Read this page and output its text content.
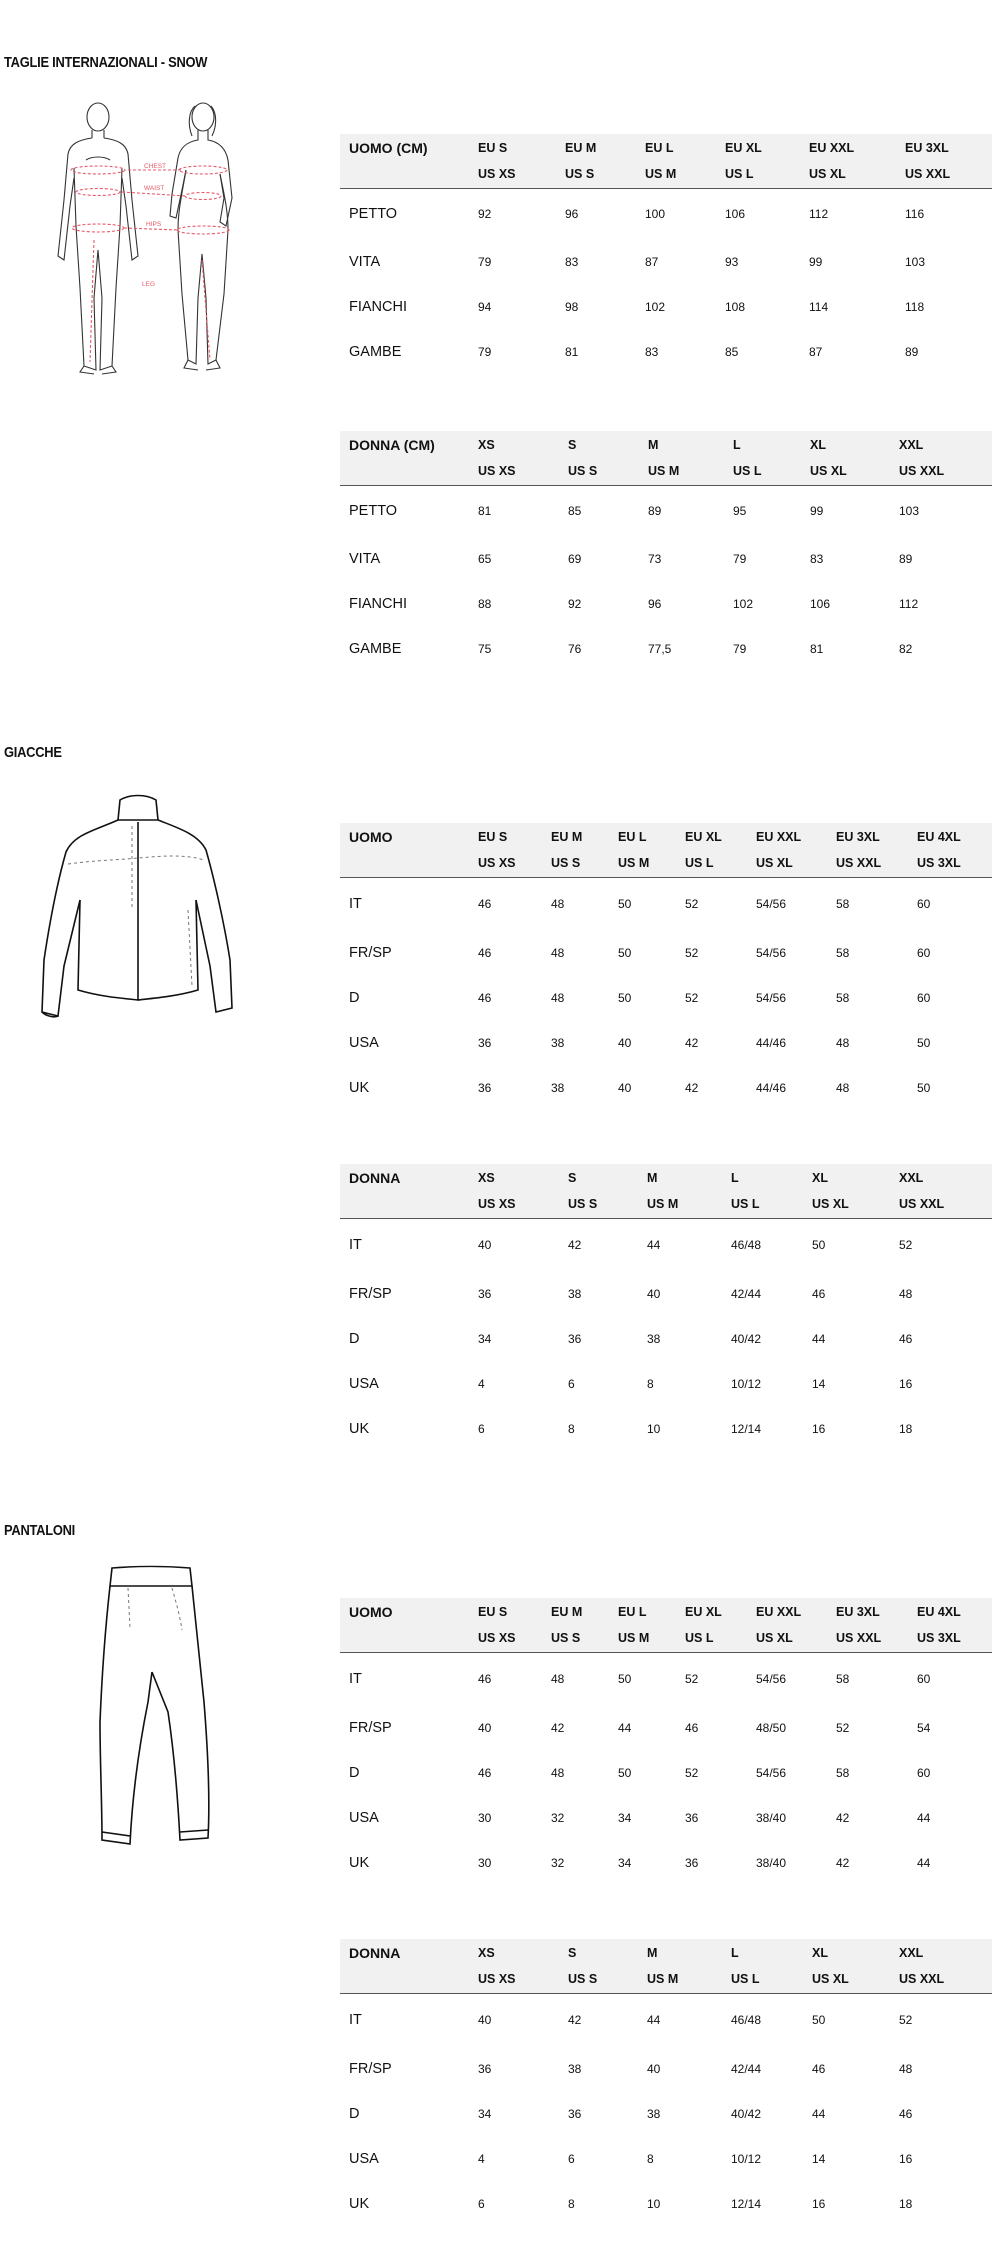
TAGLIE INTERNAZIONALI - SNOW
CHEST
WAIST
HIPS
LEG
UOMO (CM)	EU S	EU M	EU L	EU XL	EU XXL	EU 3XL
	US XS	US S	US M	US L	US XL	US XXL
PETTO	92	96	100	106	112	116
VITA	79	83	87	93	99	103
FIANCHI	94	98	102	108	114	118
GAMBE	79	81	83	85	87	89
DONNA (CM)	XS	S	M	L	XL	XXL
	US XS	US S	US M	US L	US XL	US XXL
PETTO	81	85	89	95	99	103
VITA	65	69	73	79	83	89
FIANCHI	88	92	96	102	106	112
GAMBE	75	76	77,5	79	81	82
GIACCHE
UOMO	EU S	EU M	EU L	EU XL	EU XXL	EU 3XL	EU 4XL
	US XS	US S	US M	US L	US XL	US XXL	US 3XL
IT	46	48	50	52	54/56	58	60
FR/SP	46	48	50	52	54/56	58	60
D	46	48	50	52	54/56	58	60
USA	36	38	40	42	44/46	48	50
UK	36	38	40	42	44/46	48	50
DONNA	XS	S	M	L	XL	XXL
	US XS	US S	US M	US L	US XL	US XXL
IT	40	42	44	46/48	50	52
FR/SP	36	38	40	42/44	46	48
D	34	36	38	40/42	44	46
USA	4	6	8	10/12	14	16
UK	6	8	10	12/14	16	18
PANTALONI
UOMO	EU S	EU M	EU L	EU XL	EU XXL	EU 3XL	EU 4XL
	US XS	US S	US M	US L	US XL	US XXL	US 3XL
IT	46	48	50	52	54/56	58	60
FR/SP	40	42	44	46	48/50	52	54
D	46	48	50	52	54/56	58	60
USA	30	32	34	36	38/40	42	44
UK	30	32	34	36	38/40	42	44
DONNA	XS	S	M	L	XL	XXL
	US XS	US S	US M	US L	US XL	US XXL
IT	40	42	44	46/48	50	52
FR/SP	36	38	40	42/44	46	48
D	34	36	38	40/42	44	46
USA	4	6	8	10/12	14	16
UK	6	8	10	12/14	16	18
